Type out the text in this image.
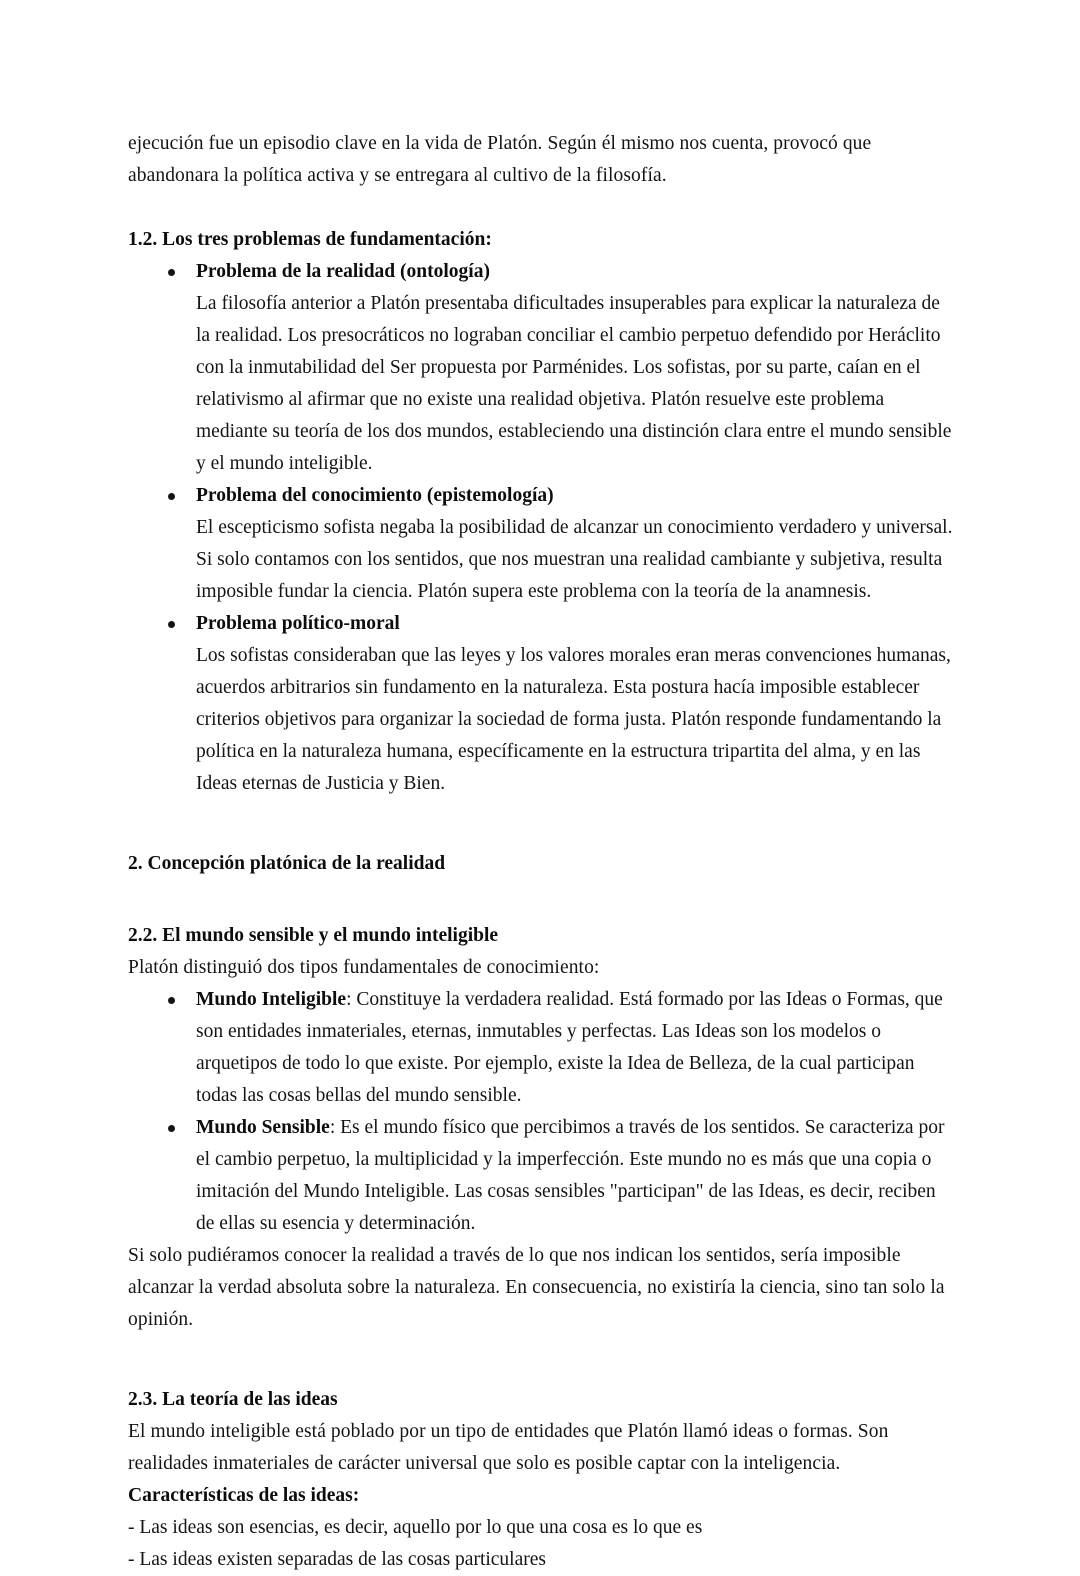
ejecución fue un episodio clave en la vida de Platón. Según él mismo nos cuenta, provocó que abandonara la política activa y se entregara al cultivo de la filosofía.

1.2. Los tres problemas de fundamentación:
Problema de la realidad (ontología)
La filosofía anterior a Platón presentaba dificultades insuperables para explicar la naturaleza de la realidad. Los presocráticos no lograban conciliar el cambio perpetuo defendido por Heráclito con la inmutabilidad del Ser propuesta por Parménides. Los sofistas, por su parte, caían en el relativismo al afirmar que no existe una realidad objetiva. Platón resuelve este problema mediante su teoría de los dos mundos, estableciendo una distinción clara entre el mundo sensible y el mundo inteligible.
Problema del conocimiento (epistemología)
El escepticismo sofista negaba la posibilidad de alcanzar un conocimiento verdadero y universal. Si solo contamos con los sentidos, que nos muestran una realidad cambiante y subjetiva, resulta imposible fundar la ciencia. Platón supera este problema con la teoría de la anamnesis.
Problema político-moral
Los sofistas consideraban que las leyes y los valores morales eran meras convenciones humanas, acuerdos arbitrarios sin fundamento en la naturaleza. Esta postura hacía imposible establecer criterios objetivos para organizar la sociedad de forma justa. Platón responde fundamentando la política en la naturaleza humana, específicamente en la estructura tripartita del alma, y en las Ideas eternas de Justicia y Bien.
2. Concepción platónica de la realidad
2.2. El mundo sensible y el mundo inteligible

Platón distinguió dos tipos fundamentales de conocimiento:

Mundo Inteligible: Constituye la verdadera realidad. Está formado por las Ideas o Formas, que son entidades inmateriales, eternas, inmutables y perfectas. Las Ideas son los modelos o arquetipos de todo lo que existe. Por ejemplo, existe la Idea de Belleza, de la cual participan todas las cosas bellas del mundo sensible.
Mundo Sensible: Es el mundo físico que percibimos a través de los sentidos. Se caracteriza por el cambio perpetuo, la multiplicidad y la imperfección. Este mundo no es más que una copia o imitación del Mundo Inteligible. Las cosas sensibles "participan" de las Ideas, es decir, reciben de ellas su esencia y determinación.

Si solo pudiéramos conocer la realidad a través de lo que nos indican los sentidos, sería imposible alcanzar la verdad absoluta sobre la naturaleza. En consecuencia, no existiría la ciencia, sino tan solo la opinión.

2.3. La teoría de las ideas

El mundo inteligible está poblado por un tipo de entidades que Platón llamó ideas o formas. Son realidades inmateriales de carácter universal que solo es posible captar con la inteligencia.

Características de las ideas:

- Las ideas son esencias, es decir, aquello por lo que una cosa es lo que es

- Las ideas existen separadas de las cosas particulares
